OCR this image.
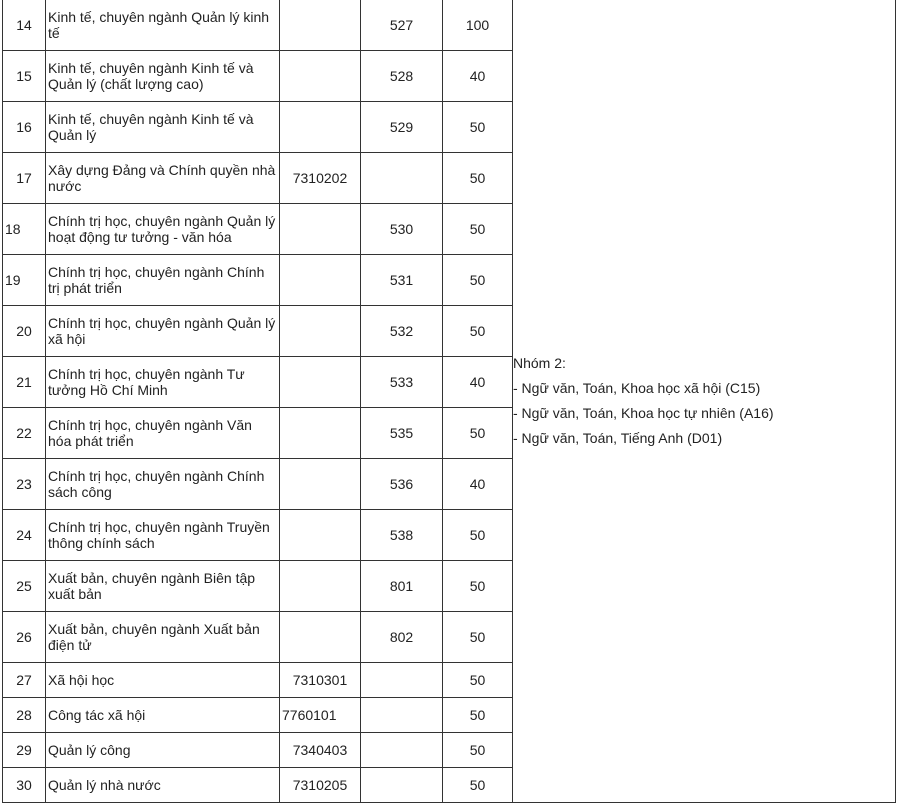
14	Kinh tế, chuyên ngành Quản lý kinh tế		527	100	Nhóm 2:
- Ngữ văn, Toán, Khoa học xã hội (C15)
- Ngữ văn, Toán, Khoa học tự nhiên (A16)
- Ngữ văn, Toán, Tiếng Anh (D01)

15	Kinh tế, chuyên ngành Kinh tế và Quản lý (chất lượng cao)		528	40	
16	Kinh tế, chuyên ngành Kinh tế và Quản lý		529	50	
17	Xây dựng Đảng và Chính quyền nhà nước	7310202		50	
18	Chính trị học, chuyên ngành Quản lý hoạt động tư tưởng - văn hóa		530	50	
19	Chính trị học, chuyên ngành Chính trị phát triển		531	50	
20	Chính trị học, chuyên ngành Quản lý xã hội		532	50	
21	Chính trị học, chuyên ngành Tư tưởng Hồ Chí Minh		533	40	
22	Chính trị học, chuyên ngành Văn hóa phát triển		535	50	
23	Chính trị học, chuyên ngành Chính sách công		536	40	
24	Chính trị học, chuyên ngành Truyền thông chính sách		538	50	
25	Xuất bản, chuyên ngành Biên tập xuất bản		801	50	
26	Xuất bản, chuyên ngành Xuất bản điện tử		802	50	
27	Xã hội học	7310301		50	
28	Công tác xã hội	7760101		50	
29	Quản lý công	7340403		50	
30	Quản lý nhà nước	7310205		50	
